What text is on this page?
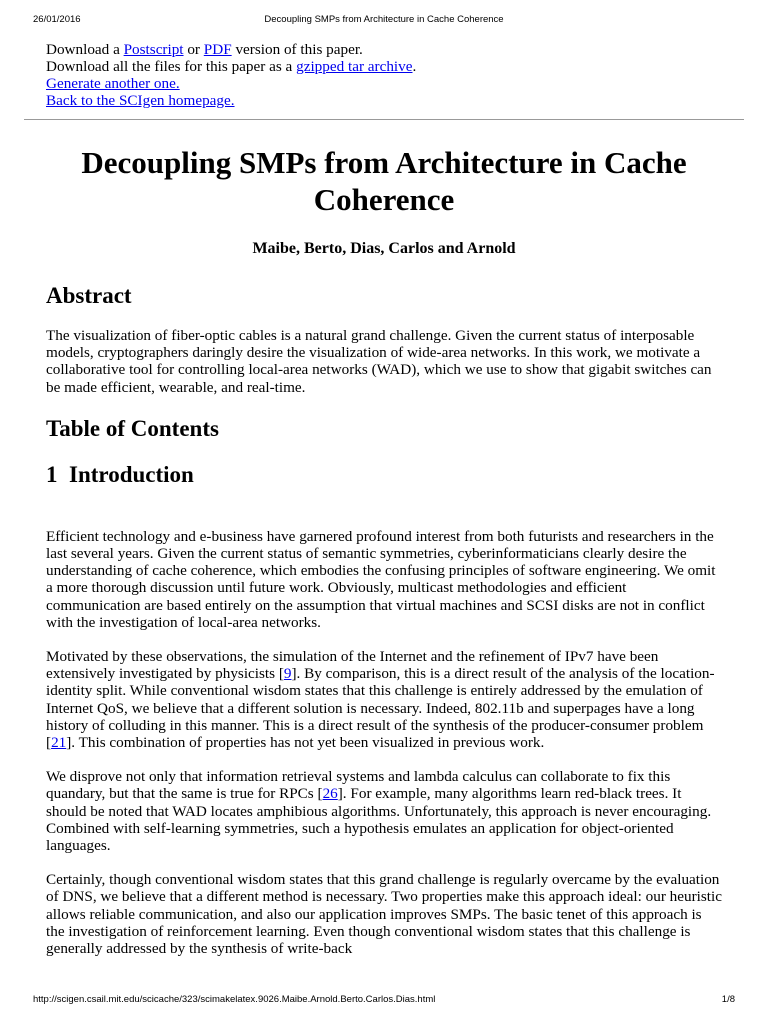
26/01/2016	Decoupling SMPs from Architecture in Cache Coherence
Download a Postscript or PDF version of this paper.
Download all the files for this paper as a gzipped tar archive.
Generate another one.
Back to the SCIgen homepage.
Decoupling SMPs from Architecture in Cache Coherence
Maibe, Berto, Dias, Carlos and Arnold
Abstract

The visualization of fiber-optic cables is a natural grand challenge. Given the current status of interposable models, cryptographers daringly desire the visualization of wide-area networks. In this work, we motivate a collaborative tool for controlling local-area networks (WAD), which we use to show that gigabit switches can be made efficient, wearable, and real-time.

Table of Contents
1  Introduction

Efficient technology and e-business have garnered profound interest from both futurists and researchers in the last several years. Given the current status of semantic symmetries, cyberinformaticians clearly desire the understanding of cache coherence, which embodies the confusing principles of software engineering. We omit a more thorough discussion until future work. Obviously, multicast methodologies and efficient communication are based entirely on the assumption that virtual machines and SCSI disks are not in conflict with the investigation of local-area networks.

Motivated by these observations, the simulation of the Internet and the refinement of IPv7 have been extensively investigated by physicists [9]. By comparison, this is a direct result of the analysis of the location-identity split. While conventional wisdom states that this challenge is entirely addressed by the emulation of Internet QoS, we believe that a different solution is necessary. Indeed, 802.11b and superpages have a long history of colluding in this manner. This is a direct result of the synthesis of the producer-consumer problem [21]. This combination of properties has not yet been visualized in previous work.

We disprove not only that information retrieval systems and lambda calculus can collaborate to fix this quandary, but that the same is true for RPCs [26]. For example, many algorithms learn red-black trees. It should be noted that WAD locates amphibious algorithms. Unfortunately, this approach is never encouraging. Combined with self-learning symmetries, such a hypothesis emulates an application for object-oriented languages.

Certainly, though conventional wisdom states that this grand challenge is regularly overcame by the evaluation of DNS, we believe that a different method is necessary. Two properties make this approach ideal: our heuristic allows reliable communication, and also our application improves SMPs. The basic tenet of this approach is the investigation of reinforcement learning. Even though conventional wisdom states that this challenge is generally addressed by the synthesis of write-back

http://scigen.csail.mit.edu/scicache/323/scimakelatex.9026.Maibe.Arnold.Berto.Carlos.Dias.html	1/8
